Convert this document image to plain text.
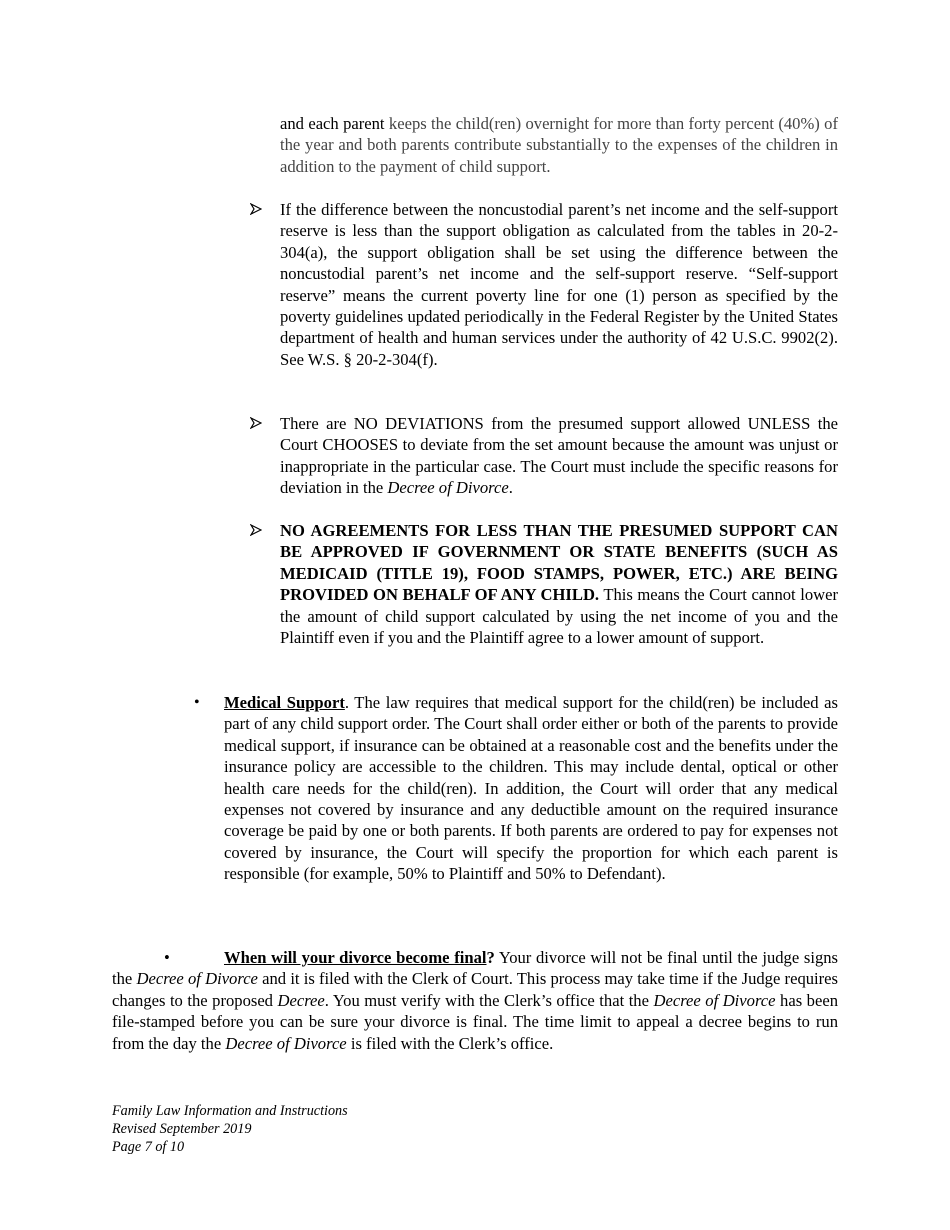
and each parent keeps the child(ren) overnight for more than forty percent (40%) of the year and both parents contribute substantially to the expenses of the children in addition to the payment of child support.

If the difference between the noncustodial parent’s net income and the self-support reserve is less than the support obligation as calculated from the tables in 20-2-304(a), the support obligation shall be set using the difference between the noncustodial parent’s net income and the self-support reserve. “Self-support reserve” means the current poverty line for one (1) person as specified by the poverty guidelines updated periodically in the Federal Register by the United States department of health and human services under the authority of 42 U.S.C. 9902(2). See W.S. § 20-2-304(f).

There are NO DEVIATIONS from the presumed support allowed UNLESS the Court CHOOSES to deviate from the set amount because the amount was unjust or inappropriate in the particular case. The Court must include the specific reasons for deviation in the Decree of Divorce.

NO AGREEMENTS FOR LESS THAN THE PRESUMED SUPPORT CAN BE APPROVED IF GOVERNMENT OR STATE BENEFITS (SUCH AS MEDICAID (TITLE 19), FOOD STAMPS, POWER, ETC.) ARE BEING PROVIDED ON BEHALF OF ANY CHILD. This means the Court cannot lower the amount of child support calculated by using the net income of you and the Plaintiff even if you and the Plaintiff agree to a lower amount of support.

• Medical Support. The law requires that medical support for the child(ren) be included as part of any child support order. The Court shall order either or both of the parents to provide medical support, if insurance can be obtained at a reasonable cost and the benefits under the insurance policy are accessible to the children. This may include dental, optical or other health care needs for the child(ren). In addition, the Court will order that any medical expenses not covered by insurance and any deductible amount on the required insurance coverage be paid by one or both parents. If both parents are ordered to pay for expenses not covered by insurance, the Court will specify the proportion for which each parent is responsible (for example, 50% to Plaintiff and 50% to Defendant).

•	When will your divorce become final? Your divorce will not be final until the judge signs the Decree of Divorce and it is filed with the Clerk of Court. This process may take time if the Judge requires changes to the proposed Decree. You must verify with the Clerk’s office that the Decree of Divorce has been file-stamped before you can be sure your divorce is final. The time limit to appeal a decree begins to run from the day the Decree of Divorce is filed with the Clerk’s office.

Family Law Information and Instructions
Revised September 2019
Page 7 of 10
